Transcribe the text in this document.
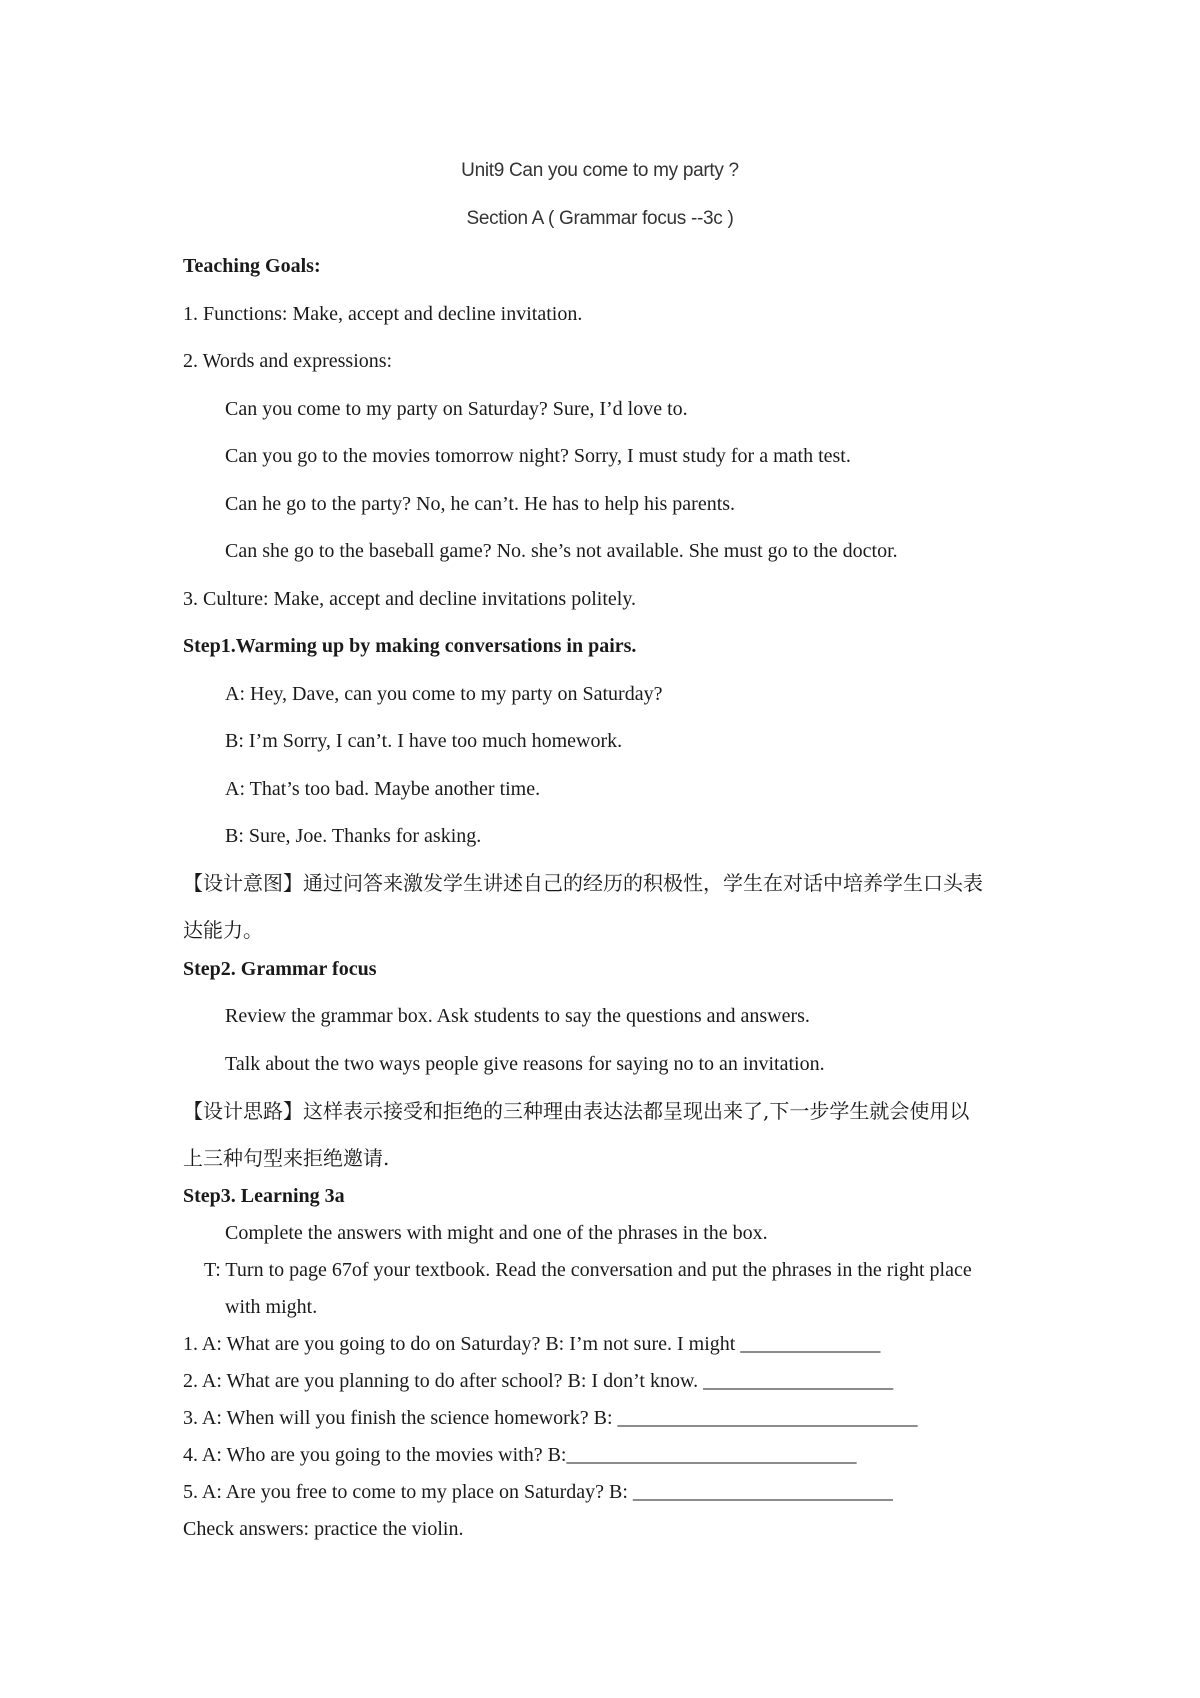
Unit9 Can you come to my party ?
Section A ( Grammar focus --3c )
Teaching Goals:
1. Functions: Make, accept and decline invitation.
2. Words and expressions:
Can you come to my party on Saturday? Sure, I’d love to.
Can you go to the movies tomorrow night? Sorry, I must study for a math test.
Can he go to the party? No, he can’t. He has to help his parents.
Can she go to the baseball game? No. she’s not available. She must go to the doctor.
3. Culture: Make, accept and decline invitations politely.
Step1.Warming up by making conversations in pairs.
A: Hey, Dave, can you come to my party on Saturday?
B: I’m Sorry, I can’t. I have too much homework.
A: That’s too bad. Maybe another time.
B: Sure, Joe. Thanks for asking.
【设计意图】通过问答来激发学生讲述自己的经历的积极性，学生在对话中培养学生口头表
达能力。
Step2. Grammar focus
Review the grammar box. Ask students to say the questions and answers.
Talk about the two ways people give reasons for saying no to an invitation.
【设计思路】这样表示接受和拒绝的三种理由表达法都呈现出来了,下一步学生就会使用以
上三种句型来拒绝邀请.
Step3. Learning 3a
Complete the answers with might and one of the phrases in the box.
T: Turn to page 67of your textbook. Read the conversation and put the phrases in the right place
with might.
1. A: What are you going to do on Saturday? B: I’m not sure. I might ______________
2. A: What are you planning to do after school? B: I don’t know. ___________________
3. A: When will you finish the science homework? B: ______________________________
4. A: Who are you going to the movies with? B:_____________________________
5. A: Are you free to come to my place on Saturday? B: __________________________
Check answers: practice the violin.
